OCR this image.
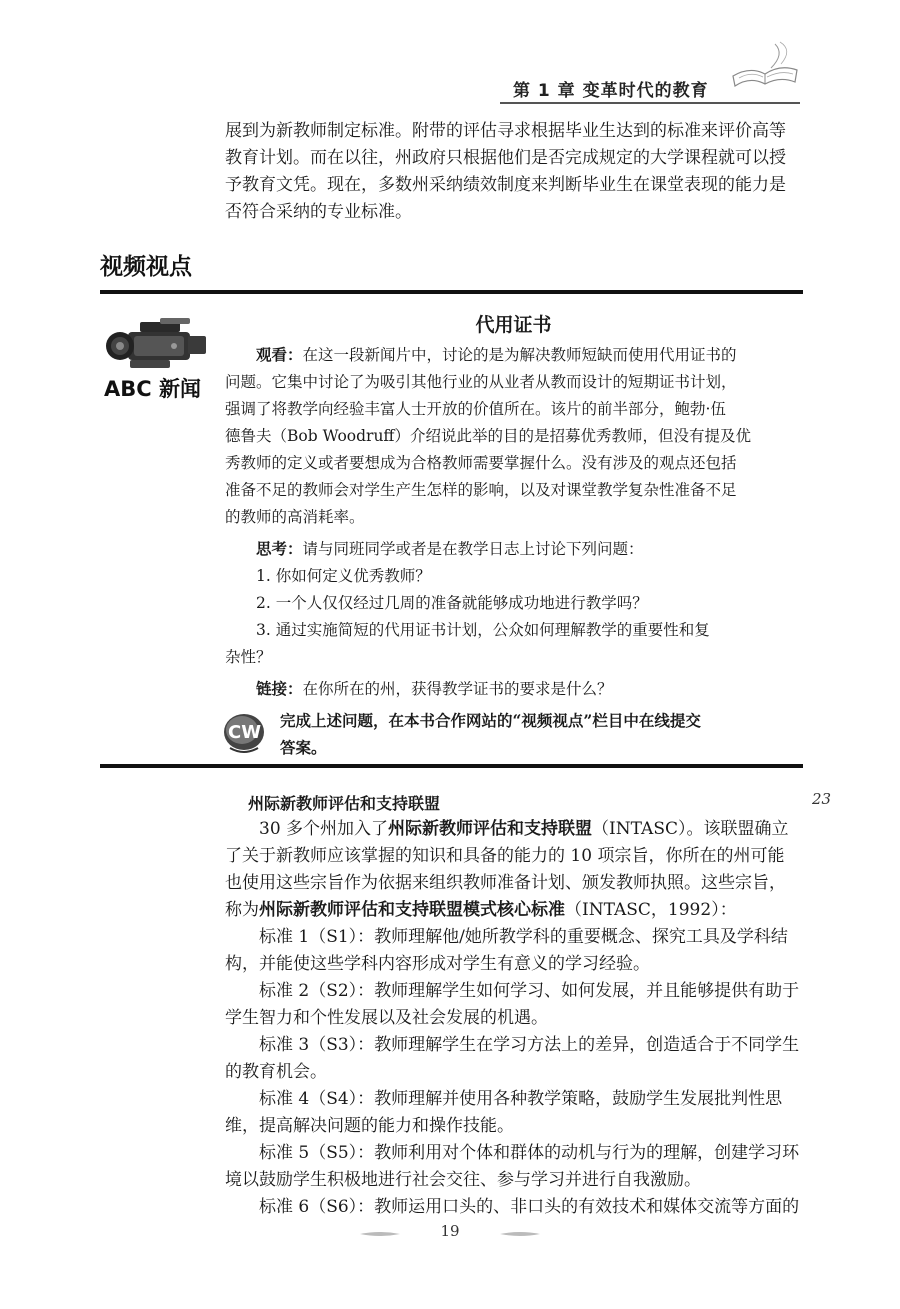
第 1 章 变革时代的教育

展到为新教师制定标准。附带的评估寻求根据毕业生达到的标准来评价高等
教育计划。而在以往，州政府只根据他们是否完成规定的大学课程就可以授
予教育文凭。现在，多数州采纳绩效制度来判断毕业生在课堂表现的能力是
否符合采纳的专业标准。

视频视点
代用证书
ABC 新闻

观看：在这一段新闻片中，讨论的是为解决教师短缺而使用代用证书的

问题。它集中讨论了为吸引其他行业的从业者从教而设计的短期证书计划，
强调了将教学向经验丰富人士开放的价值所在。该片的前半部分，鲍勃·伍
德鲁夫（Bob Woodruff）介绍说此举的目的是招募优秀教师，但没有提及优
秀教师的定义或者要想成为合格教师需要掌握什么。没有涉及的观点还包括
准备不足的教师会对学生产生怎样的影响，以及对课堂教学复杂性准备不足
的教师的高消耗率。

思考：请与同班同学或者是在教学日志上讨论下列问题：

1. 你如何定义优秀教师？
2. 一个人仅仅经过几周的准备就能够成功地进行教学吗？
3. 通过实施简短的代用证书计划，公众如何理解教学的重要性和复
杂性？

链接：在你所在的州，获得教学证书的要求是什么？

CW

完成上述问题，在本书合作网站的“视频视点”栏目中在线提交
答案。

23
州际新教师评估和支持联盟

30 多个州加入了州际新教师评估和支持联盟（INTASC）。该联盟确立

了关于新教师应该掌握的知识和具备的能力的 10 项宗旨，你所在的州可能
也使用这些宗旨作为依据来组织教师准备计划、颁发教师执照。这些宗旨，
称为州际新教师评估和支持联盟模式核心标准（INTASC，1992）：

标准 1（S1）：教师理解他/她所教学科的重要概念、探究工具及学科结

构，并能使这些学科内容形成对学生有意义的学习经验。

标准 2（S2）：教师理解学生如何学习、如何发展，并且能够提供有助于

学生智力和个性发展以及社会发展的机遇。

标准 3（S3）：教师理解学生在学习方法上的差异，创造适合于不同学生

的教育机会。

标准 4（S4）：教师理解并使用各种教学策略，鼓励学生发展批判性思

维，提高解决问题的能力和操作技能。

标准 5（S5）：教师利用对个体和群体的动机与行为的理解，创建学习环

境以鼓励学生积极地进行社会交往、参与学习并进行自我激励。

标准 6（S6）：教师运用口头的、非口头的有效技术和媒体交流等方面的

19
